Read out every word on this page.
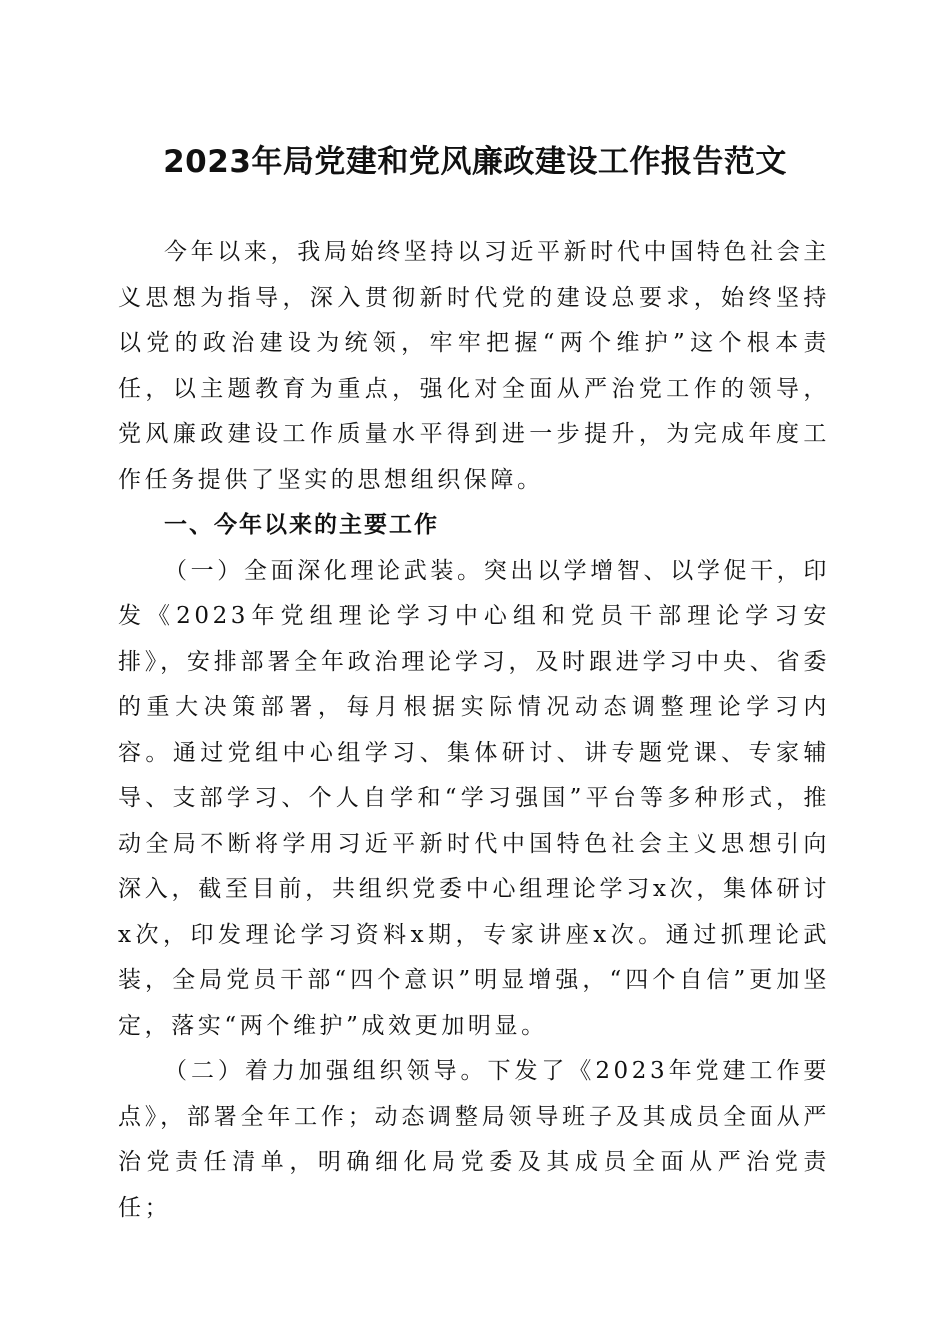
2023年局党建和党风廉政建设工作报告范文

今年以来，我局始终坚持以习近平新时代中国特色社会主义思想为指导，深入贯彻新时代党的建设总要求，始终坚持以党的政治建设为统领，牢牢把握“两个维护”这个根本责任，以主题教育为重点，强化对全面从严治党工作的领导，党风廉政建设工作质量水平得到进一步提升，为完成年度工作任务提供了坚实的思想组织保障。

一、今年以来的主要工作

（一）全面深化理论武装。突出以学增智、以学促干，印发《2023年党组理论学习中心组和党员干部理论学习安排》，安排部署全年政治理论学习，及时跟进学习中央、省委的重大决策部署，每月根据实际情况动态调整理论学习内容。通过党组中心组学习、集体研讨、讲专题党课、专家辅导、支部学习、个人自学和“学习强国”平台等多种形式，推动全局不断将学用习近平新时代中国特色社会主义思想引向深入，截至目前，共组织党委中心组理论学习x次，集体研讨x次，印发理论学习资料x期，专家讲座x次。通过抓理论武装，全局党员干部“四个意识”明显增强，“四个自信”更加坚定，落实“两个维护”成效更加明显。

（二）着力加强组织领导。下发了《2023年党建工作要点》，部署全年工作；动态调整局领导班子及其成员全面从严治党责任清单，明确细化局党委及其成员全面从严治党责任；
